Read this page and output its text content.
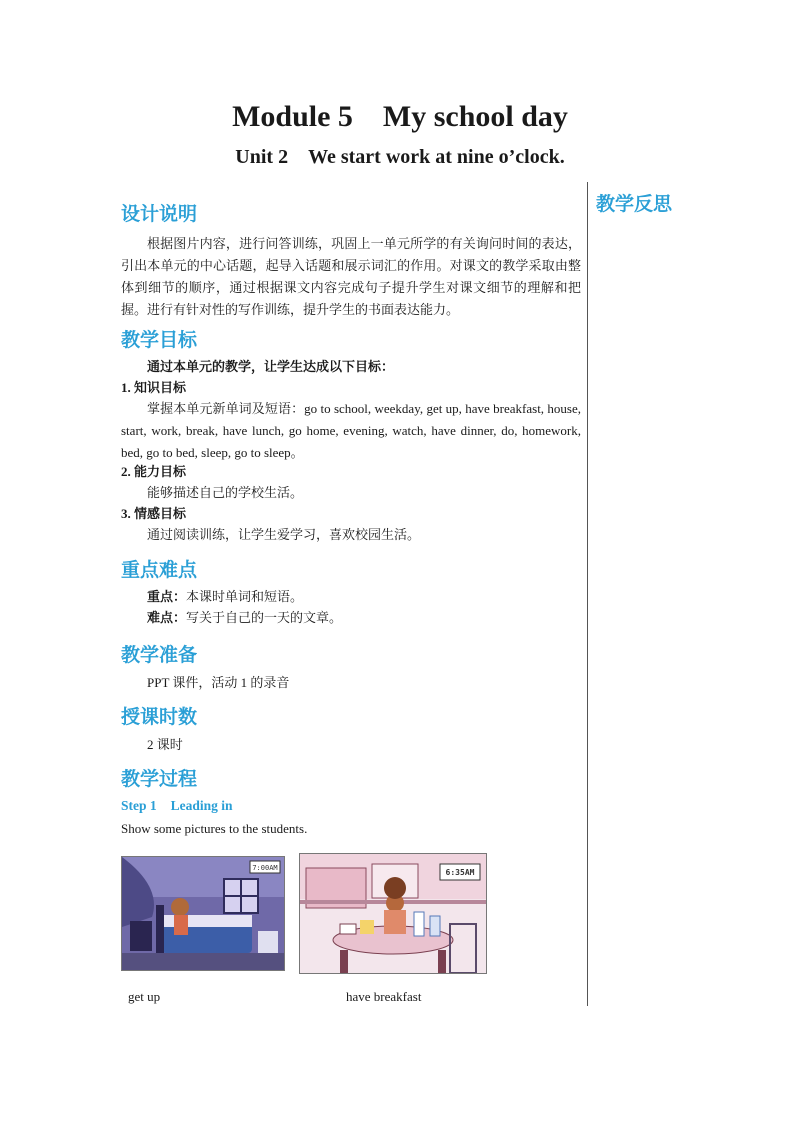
Module 5 My school day
Unit 2 We start work at nine o’clock.
教学反思
设计说明

根据图片内容，进行问答训练，巩固上一单元所学的有关询问时间的表达，引出本单元的中心话题，起导入话题和展示词汇的作用。对课文的教学采取由整体到细节的顺序，通过根据课文内容完成句子提升学生对课文细节的理解和把握。进行有针对性的写作训练，提升学生的书面表达能力。

教学目标
通过本单元的教学，让学生达成以下目标：
1. 知识目标

掌握本单元新单词及短语：go to school, weekday, get up, have breakfast, house, start, work, break, have lunch, go home, evening, watch, have dinner, do, homework, bed, go to bed, sleep, go to sleep。

2. 能力目标
能够描述自己的学校生活。
3. 情感目标
通过阅读训练，让学生爱学习，喜欢校园生活。
重点难点
重点：本课时单词和短语。
难点：写关于自己的一天的文章。
教学准备
PPT 课件，活动 1 的录音
授课时数
2 课时
教学过程
Step 1 Leading in
Show some pictures to the students.
7:00AM
get up
6:35AM
have breakfast
